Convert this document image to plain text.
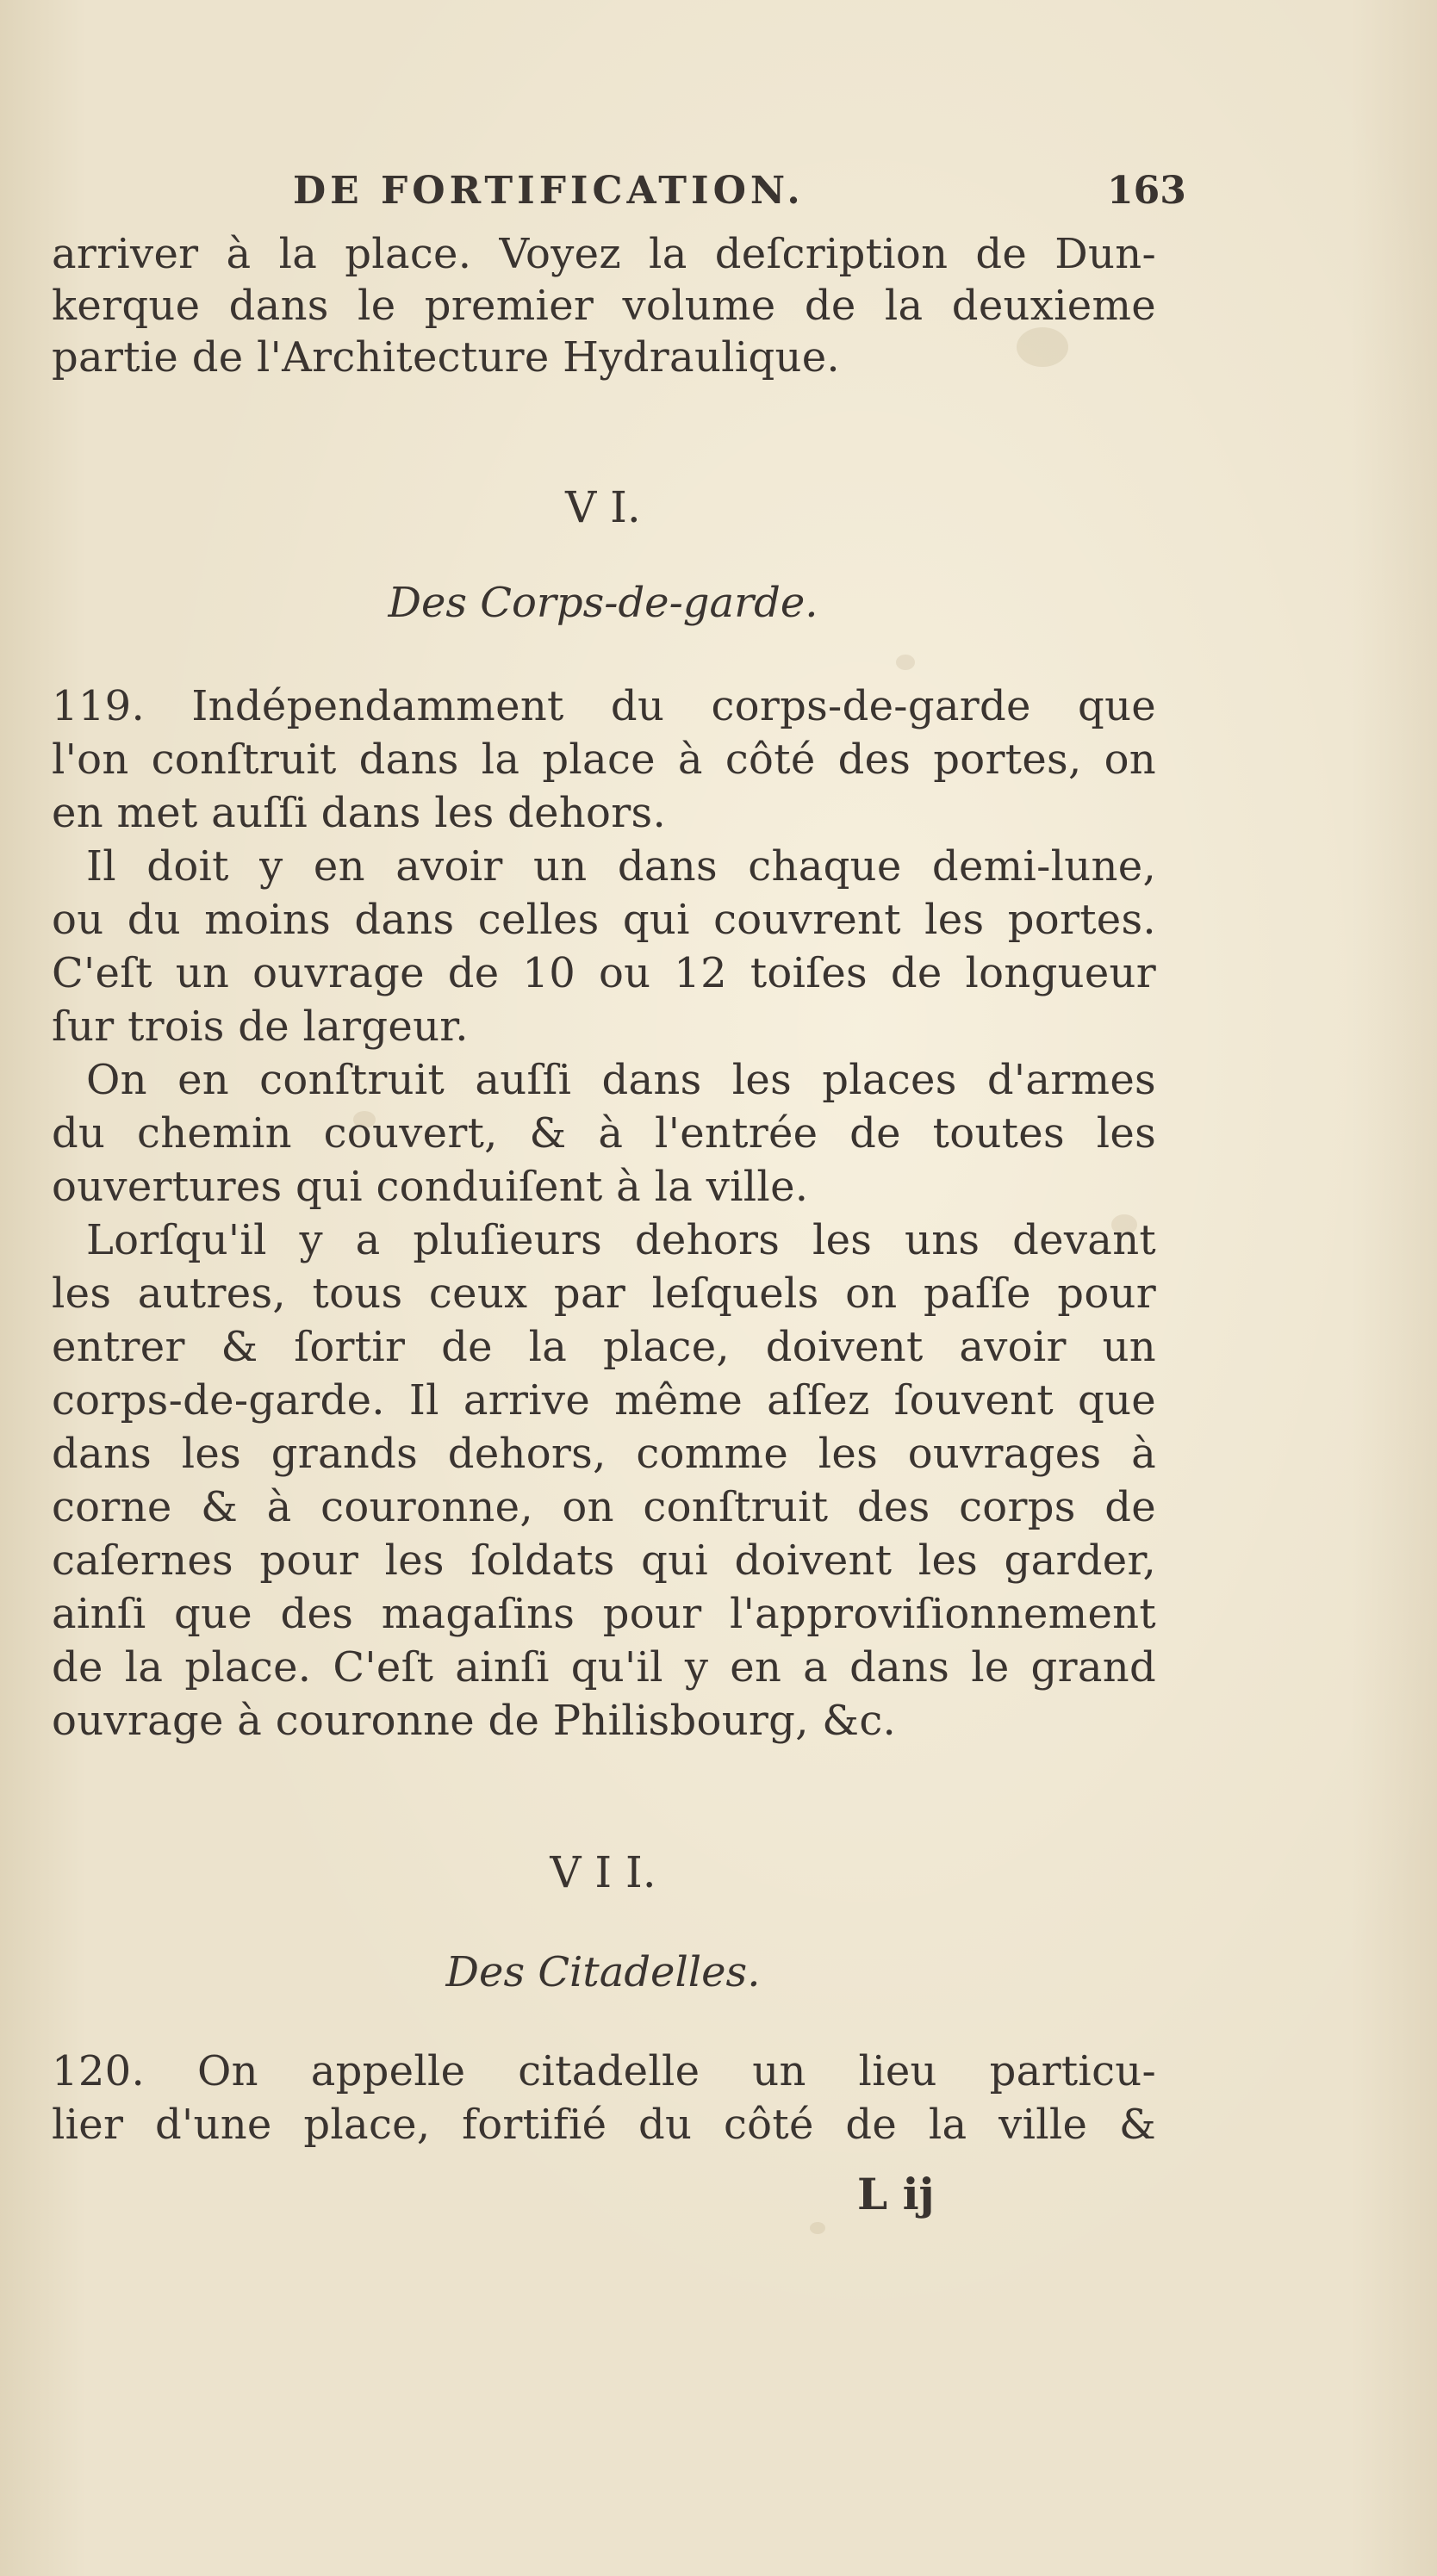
DE FORTIFICATION.	163
arriver à la place. Voyez la deſcription de Dun-
kerque dans le premier volume de la deuxieme
partie de l'Architecture Hydraulique.
V I.
Des Corps-de-garde.
119. Indépendamment du corps-de-garde que
l'on conſtruit dans la place à côté des portes, on
en met auſſi dans les dehors.
Il doit y en avoir un dans chaque demi-lune,
ou du moins dans celles qui couvrent les portes.
C'eſt un ouvrage de 10 ou 12 toiſes de longueur
ſur trois de largeur.
On en conſtruit auſſi dans les places d'armes
du chemin couvert, & à l'entrée de toutes les
ouvertures qui conduiſent à la ville.
Lorſqu'il y a pluſieurs dehors les uns devant
les autres, tous ceux par leſquels on paſſe pour
entrer & ſortir de la place, doivent avoir un
corps-de-garde. Il arrive même aſſez ſouvent que
dans les grands dehors, comme les ouvrages à
corne & à couronne, on conſtruit des corps de
caſernes pour les ſoldats qui doivent les garder,
ainſi que des magaſins pour l'approviſionnement
de la place. C'eſt ainſi qu'il y en a dans le grand
ouvrage à couronne de Philisbourg, &c.
V I I.
Des Citadelles.
120. On appelle citadelle un lieu particu-
lier d'une place, fortifié du côté de la ville &
L ij
